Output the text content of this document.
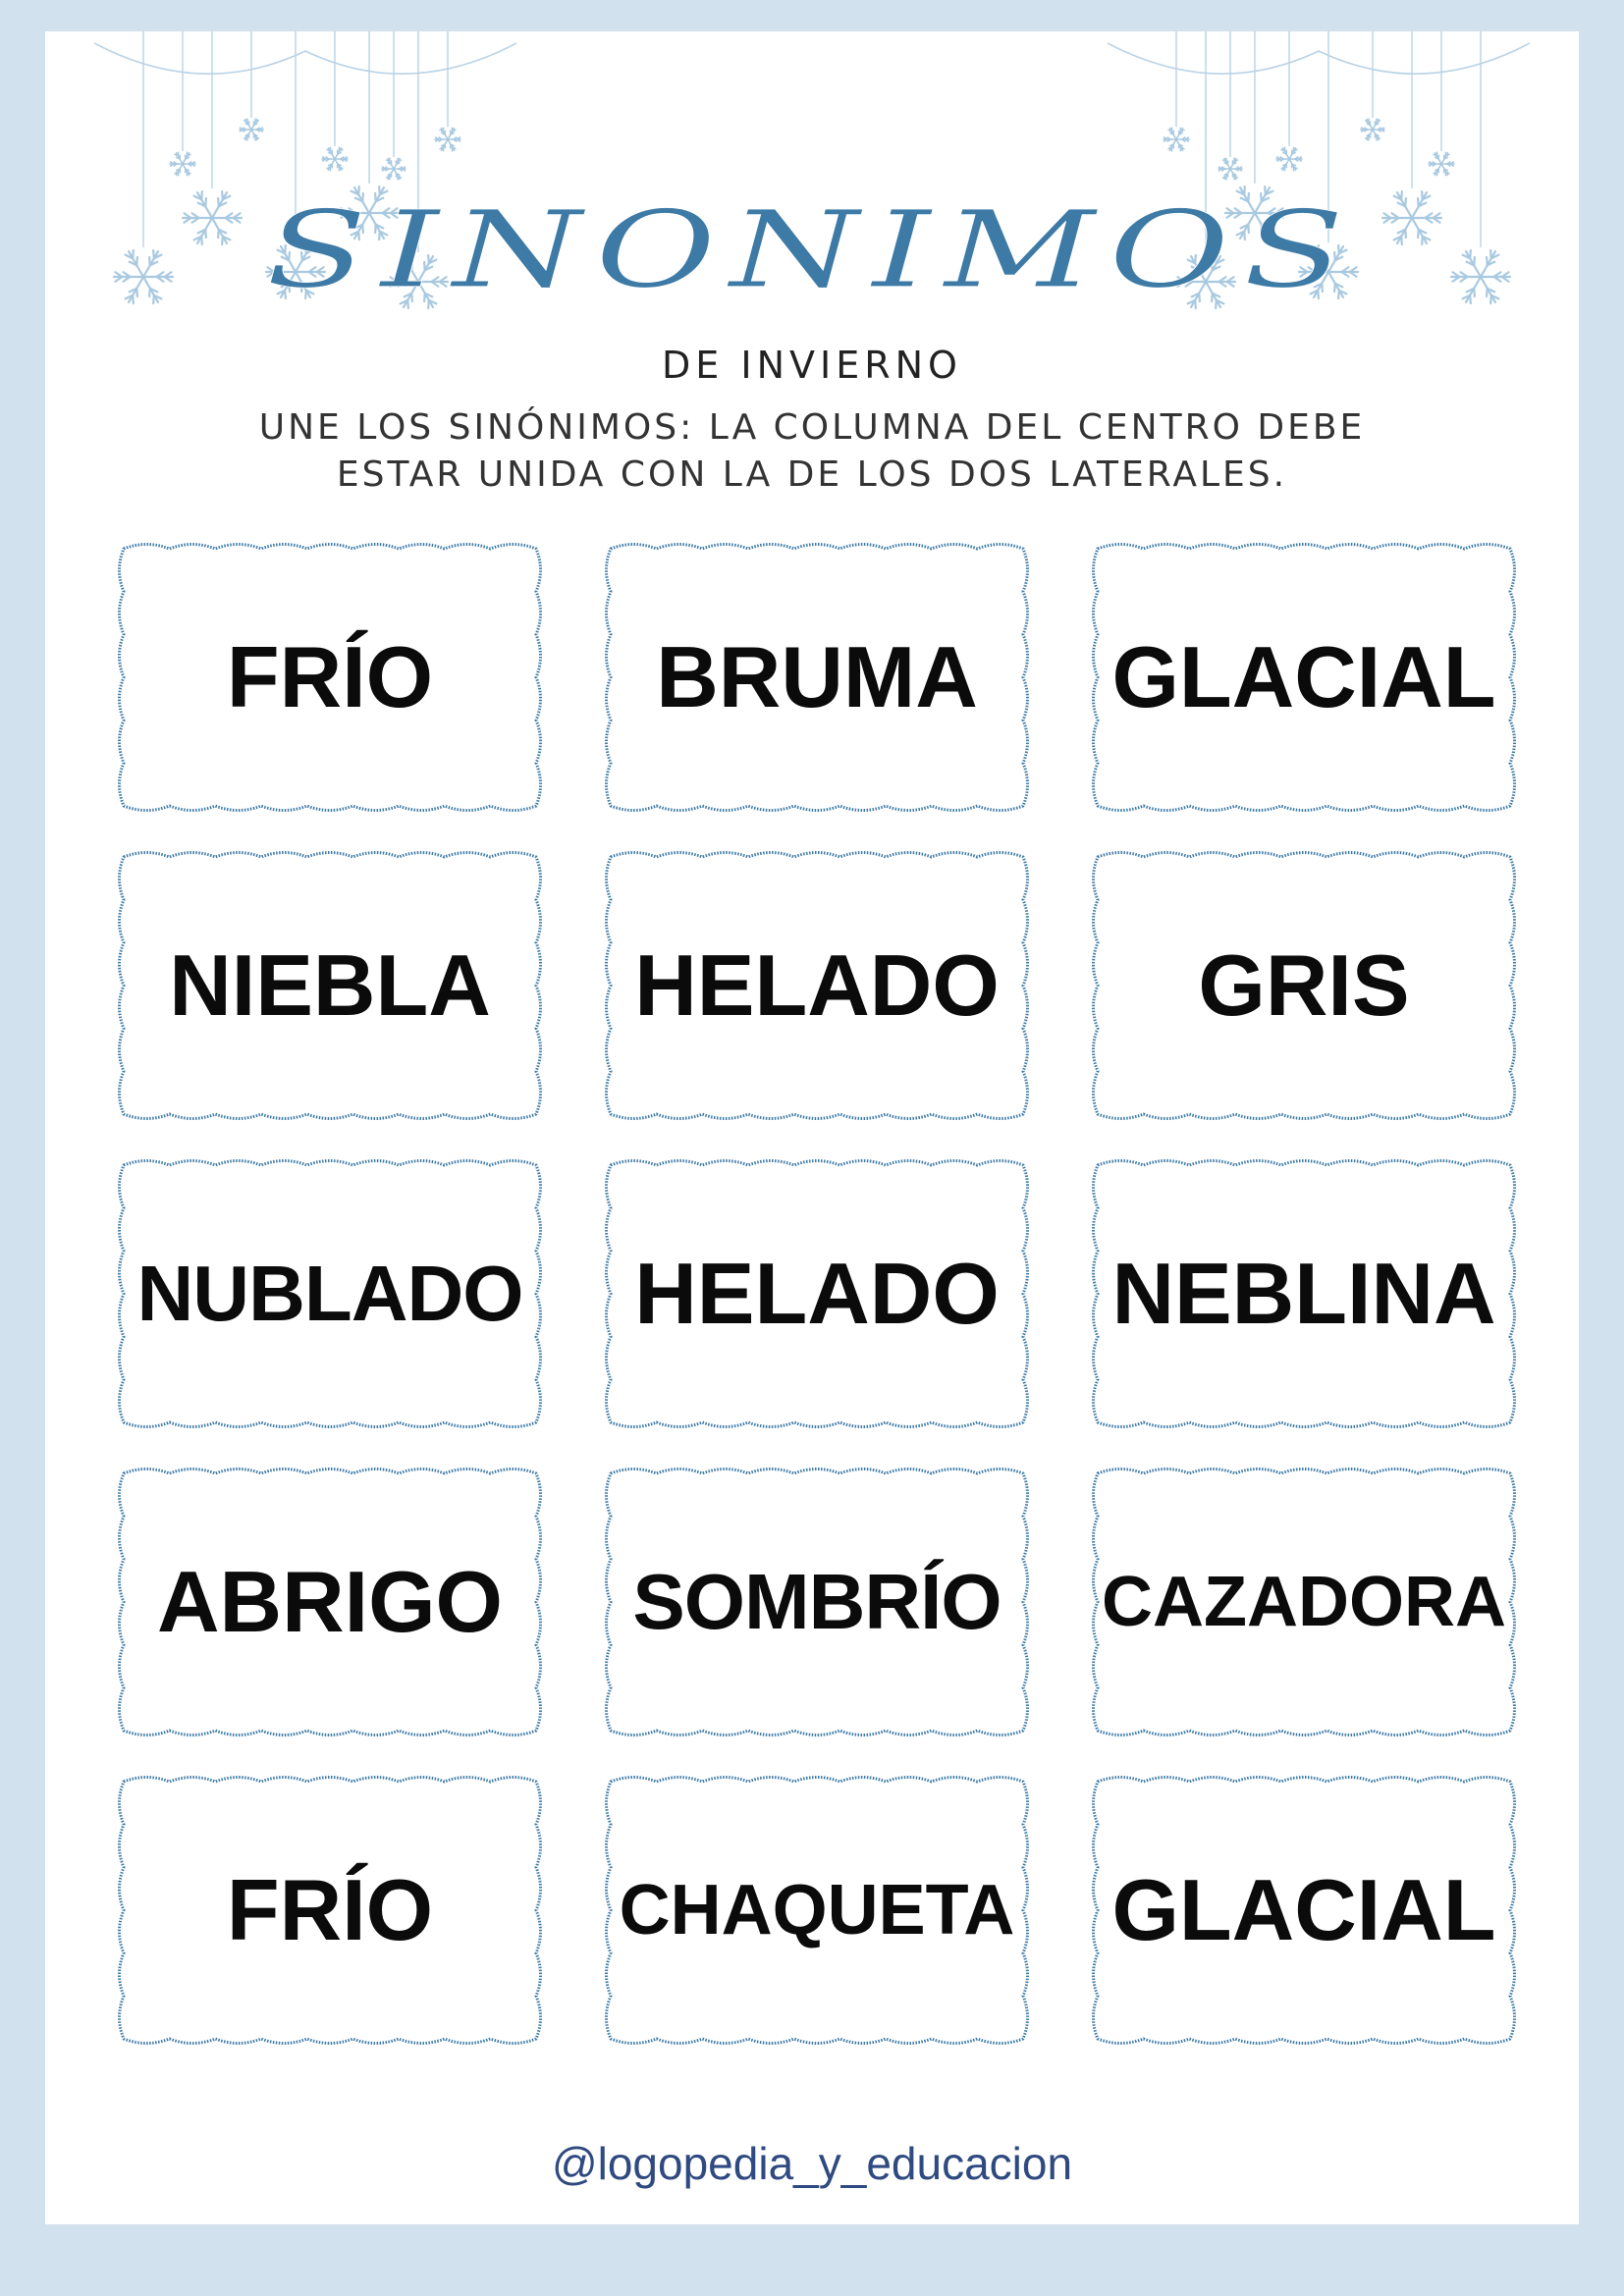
SINONIMOS
DE INVIERNO
UNE LOS SINÓNIMOS: LA COLUMNA DEL CENTRO DEBE
ESTAR UNIDA CON LA DE LOS DOS LATERALES.
FRÍO	BRUMA	GLACIAL
NIEBLA	HELADO	GRIS
NUBLADO	HELADO	NEBLINA
ABRIGO	SOMBRÍO	CAZADORA
FRÍO	CHAQUETA	GLACIAL
@logopedia_y_educacion
